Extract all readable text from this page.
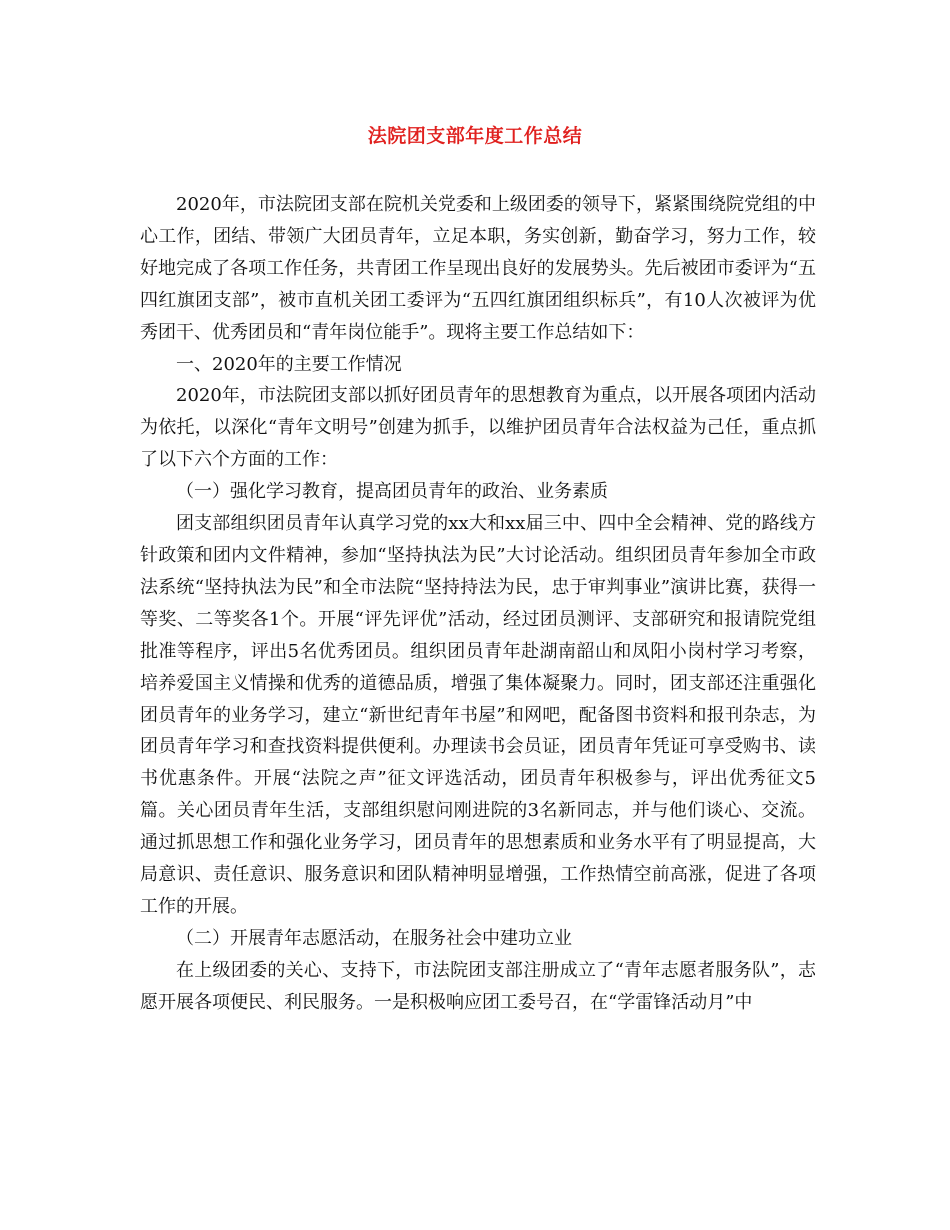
法院团支部年度工作总结

2020年，市法院团支部在院机关党委和上级团委的领导下，紧紧围绕院党组的中心工作，团结、带领广大团员青年，立足本职，务实创新，勤奋学习，努力工作，较好地完成了各项工作任务，共青团工作呈现出良好的发展势头。先后被团市委评为“五四红旗团支部”，被市直机关团工委评为“五四红旗团组织标兵”，有10人次被评为优秀团干、优秀团员和“青年岗位能手”。现将主要工作总结如下：

一、2020年的主要工作情况

2020年，市法院团支部以抓好团员青年的思想教育为重点，以开展各项团内活动为依托，以深化“青年文明号”创建为抓手，以维护团员青年合法权益为己任，重点抓了以下六个方面的工作：

（一）强化学习教育，提高团员青年的政治、业务素质

团支部组织团员青年认真学习党的xx大和xx届三中、四中全会精神、党的路线方针政策和团内文件精神，参加“坚持执法为民”大讨论活动。组织团员青年参加全市政法系统“坚持执法为民”和全市法院“坚持持法为民，忠于审判事业”演讲比赛，获得一等奖、二等奖各1个。开展“评先评优”活动，经过团员测评、支部研究和报请院党组批准等程序，评出5名优秀团员。组织团员青年赴湖南韶山和凤阳小岗村学习考察，培养爱国主义情操和优秀的道德品质，增强了集体凝聚力。同时，团支部还注重强化团员青年的业务学习，建立“新世纪青年书屋”和网吧，配备图书资料和报刊杂志，为团员青年学习和查找资料提供便利。办理读书会员证，团员青年凭证可享受购书、读书优惠条件。开展“法院之声”征文评选活动，团员青年积极参与，评出优秀征文5篇。关心团员青年生活，支部组织慰问刚进院的3名新同志，并与他们谈心、交流。通过抓思想工作和强化业务学习，团员青年的思想素质和业务水平有了明显提高，大局意识、责任意识、服务意识和团队精神明显增强，工作热情空前高涨，促进了各项工作的开展。

（二）开展青年志愿活动，在服务社会中建功立业

在上级团委的关心、支持下，市法院团支部注册成立了“青年志愿者服务队”，志愿开展各项便民、利民服务。一是积极响应团工委号召，在“学雷锋活动月”中
